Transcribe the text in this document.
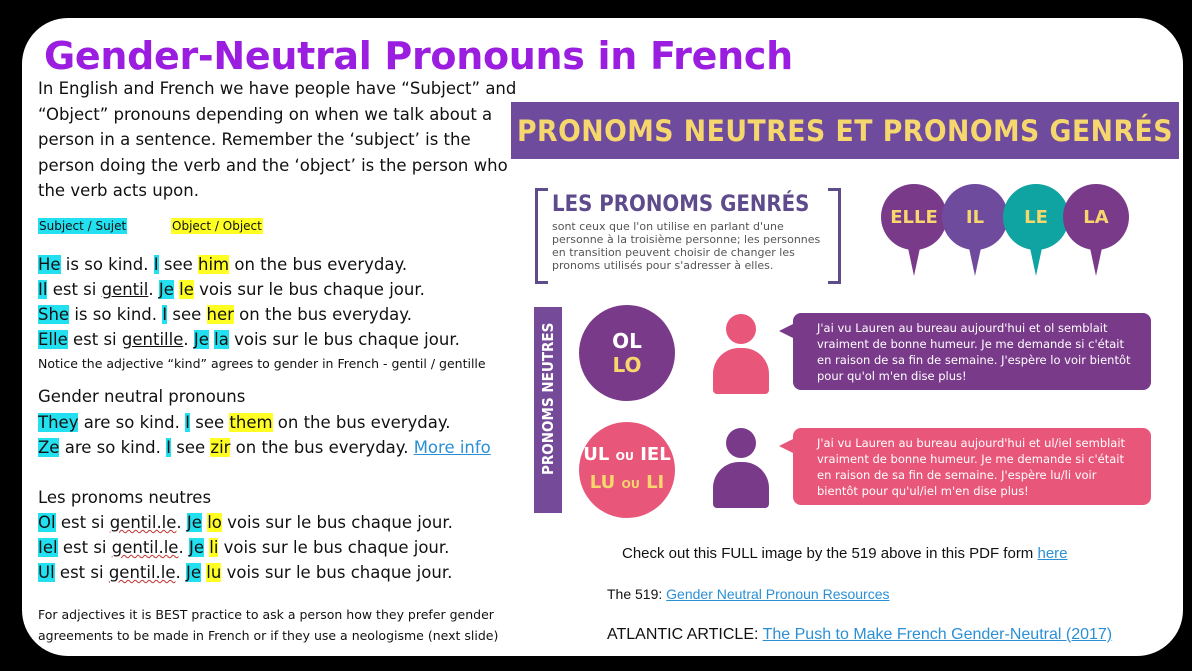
Gender-Neutral Pronouns in French
In English and French we have people have “Subject” and “Object” pronouns depending on when we talk about a person in a sentence. Remember the ‘subject’ is the person doing the verb and the ‘object’ is the person who the verb acts upon.
Subject / Sujet	Object / Object
He is so kind. I see him on the bus everyday.
Il est si gentil. Je le vois sur le bus chaque jour.
She is so kind. I see her on the bus everyday.
Elle est si gentille. Je la vois sur le bus chaque jour.
Notice the adjective “kind” agrees to gender in French - gentil / gentille
Gender neutral pronouns
They are so kind. I see them on the bus everyday.
Ze are so kind. I see zir on the bus everyday. More info
Les pronoms neutres
Ol est si gentil.le. Je lo vois sur le bus chaque jour.
Iel est si gentil.le. Je li vois sur le bus chaque jour.
Ul est si gentil.le. Je lu vois sur le bus chaque jour.
For adjectives it is BEST practice to ask a person how they prefer gender
agreements to be made in French or if they use a neologisme (next slide)
PRONOMS NEUTRES ET PRONOMS GENRÉS
LES PRONOMS GENRÉS
sont ceux que l'on utilise en parlant d'une personne à la troisième personne; les personnes en transition peuvent choisir de changer les pronoms utilisés pour s'adresser à elles.
ELLE	IL	LE	LA
PRONOMS NEUTRES	OL
LO
J'ai vu Lauren au bureau aujourd'hui et ol semblait vraiment de bonne humeur. Je me demande si c'était en raison de sa fin de semaine. J'espère lo voir bientôt pour qu'ol m'en dise plus!
UL OU IEL
LU OU LI
J'ai vu Lauren au bureau aujourd'hui et ul/iel semblait vraiment de bonne humeur. Je me demande si c'était en raison de sa fin de semaine. J'espère lu/li voir bientôt pour qu'ul/iel m'en dise plus!
Check out this FULL image by the 519 above in this PDF form here
The 519: Gender Neutral Pronoun Resources
ATLANTIC ARTICLE: The Push to Make French Gender-Neutral (2017)
